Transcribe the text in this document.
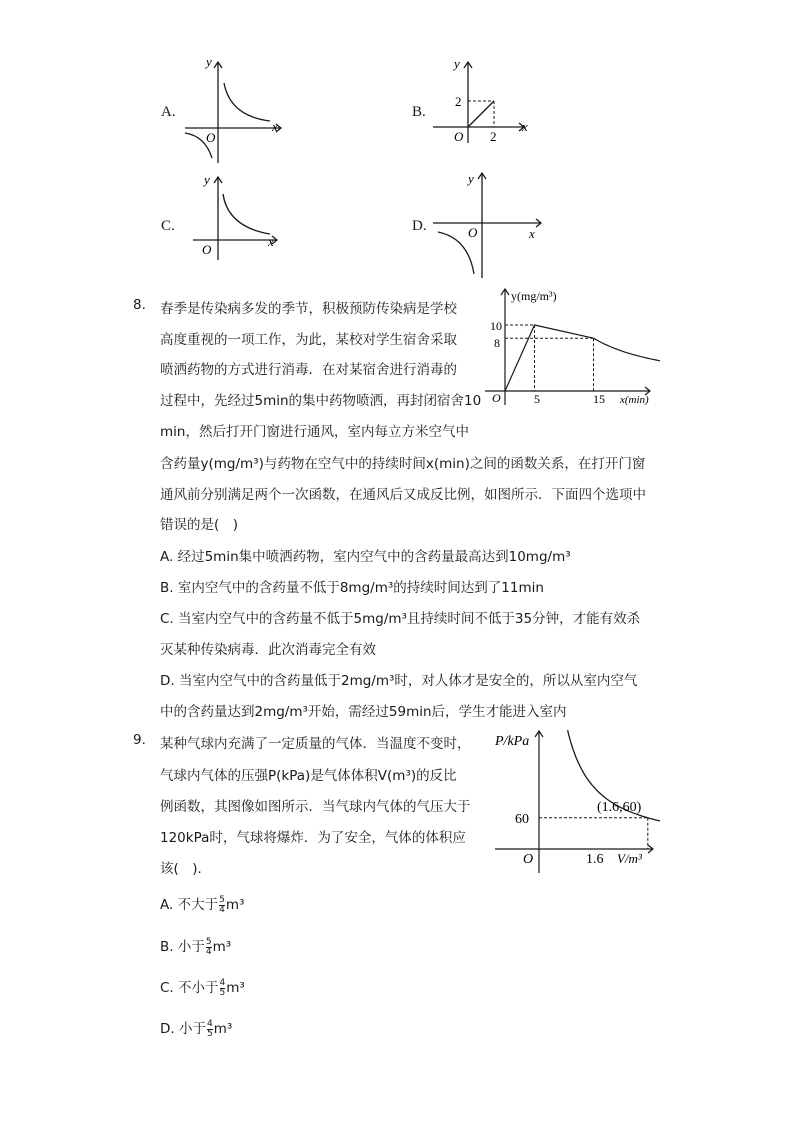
A.
y
x
O
B.
y
x
O
2
2
C.
y
x
O
D.
y
x
O
8. 春季是传染病多发的季节，积极预防传染病是学校
高度重视的一项工作，为此，某校对学生宿舍采取
喷洒药物的方式进行消毒．在对某宿舍进行消毒的
过程中，先经过5min的集中药物喷洒，再封闭宿舍10
min，然后打开门窗进行通风，室内每立方米空气中
含药量y(mg/m³)与药物在空气中的持续时间x(min)之间的函数关系，在打开门窗
通风前分别满足两个一次函数，在通风后又成反比例，如图所示．下面四个选项中
错误的是(　)
A. 经过5min集中喷洒药物，室内空气中的含药量最高达到10mg/m³
B. 室内空气中的含药量不低于8mg/m³的持续时间达到了11min
C. 当室内空气中的含药量不低于5mg/m³且持续时间不低于35分钟，才能有效杀
灭某种传染病毒．此次消毒完全有效
D. 当室内空气中的含药量低于2mg/m³时，对人体才是安全的，所以从室内空气
中的含药量达到2mg/m³开始，需经过59min后，学生才能进入室内
y(mg/m³)
x(min)
O
10
8
5	15
9. 某种气球内充满了一定质量的气体．当温度不变时，
气球内气体的压强P(kPa)是气体体积V(m³)的反比
例函数，其图像如图所示．当气球内气体的气压大于
120kPa时，气球将爆炸．为了安全，气体的体积应
该(　)．
A. 不大于 $\frac{5}{4} m^3$
B. 小于 $\frac{5}{4} m^3$
C. 不小于 $\frac{4}{5} m^3$
D. 小于 $\frac{4}{5} m^3$
P/kPa
V/m³
O
60
1.6
(1.6,60)
